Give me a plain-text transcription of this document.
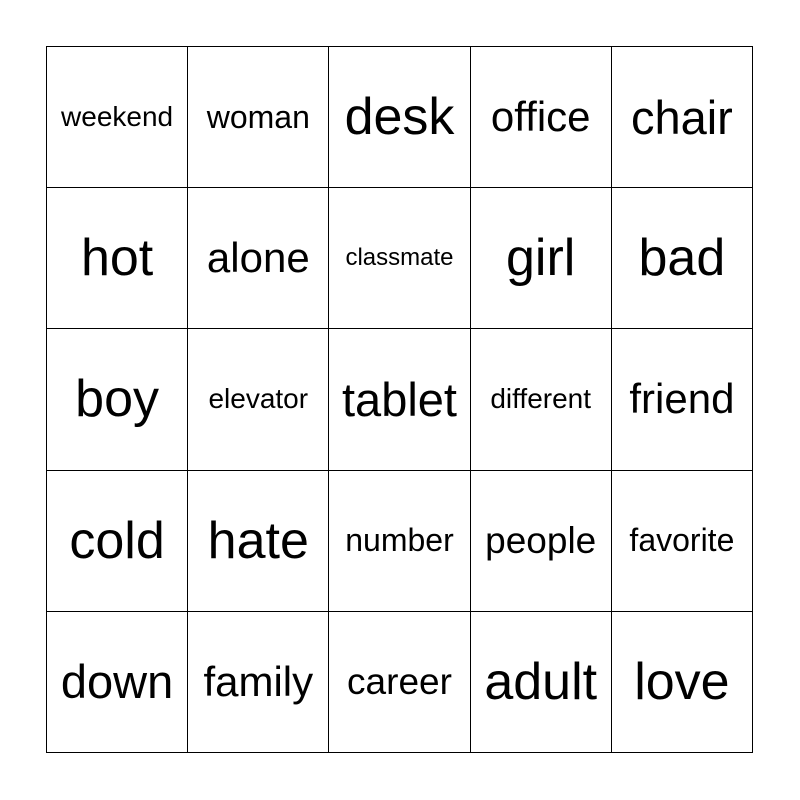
weekend	woman desk office chair
hot	alone	classmate	girl	bad
boy	elevator tablet	different friend
cold hate	number people	favorite
down family career adult love
